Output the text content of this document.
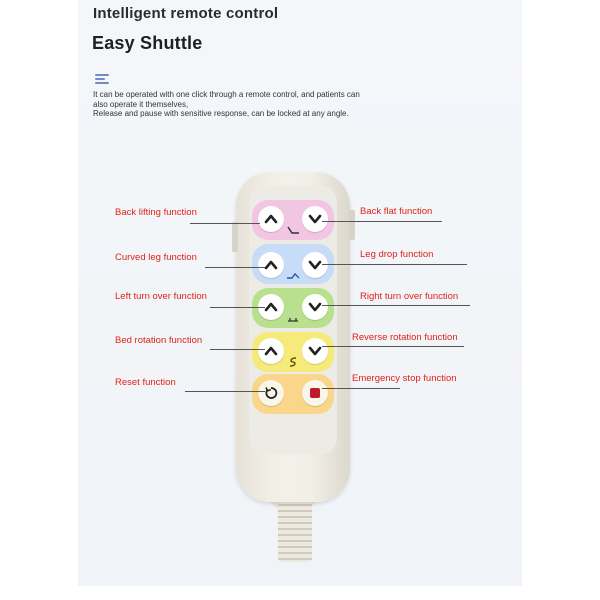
Intelligent remote control
Easy Shuttle
It can be operated with one click through a remote control, and patients can
also operate it themselves,
Release and pause with sensitive response, can be locked at any angle.
Back lifting function	Back flat function
Curved leg function	Leg drop function
Left turn over function	Right turn over function
Bed rotation function	Reverse rotation function
Reset function	Emergency stop function
